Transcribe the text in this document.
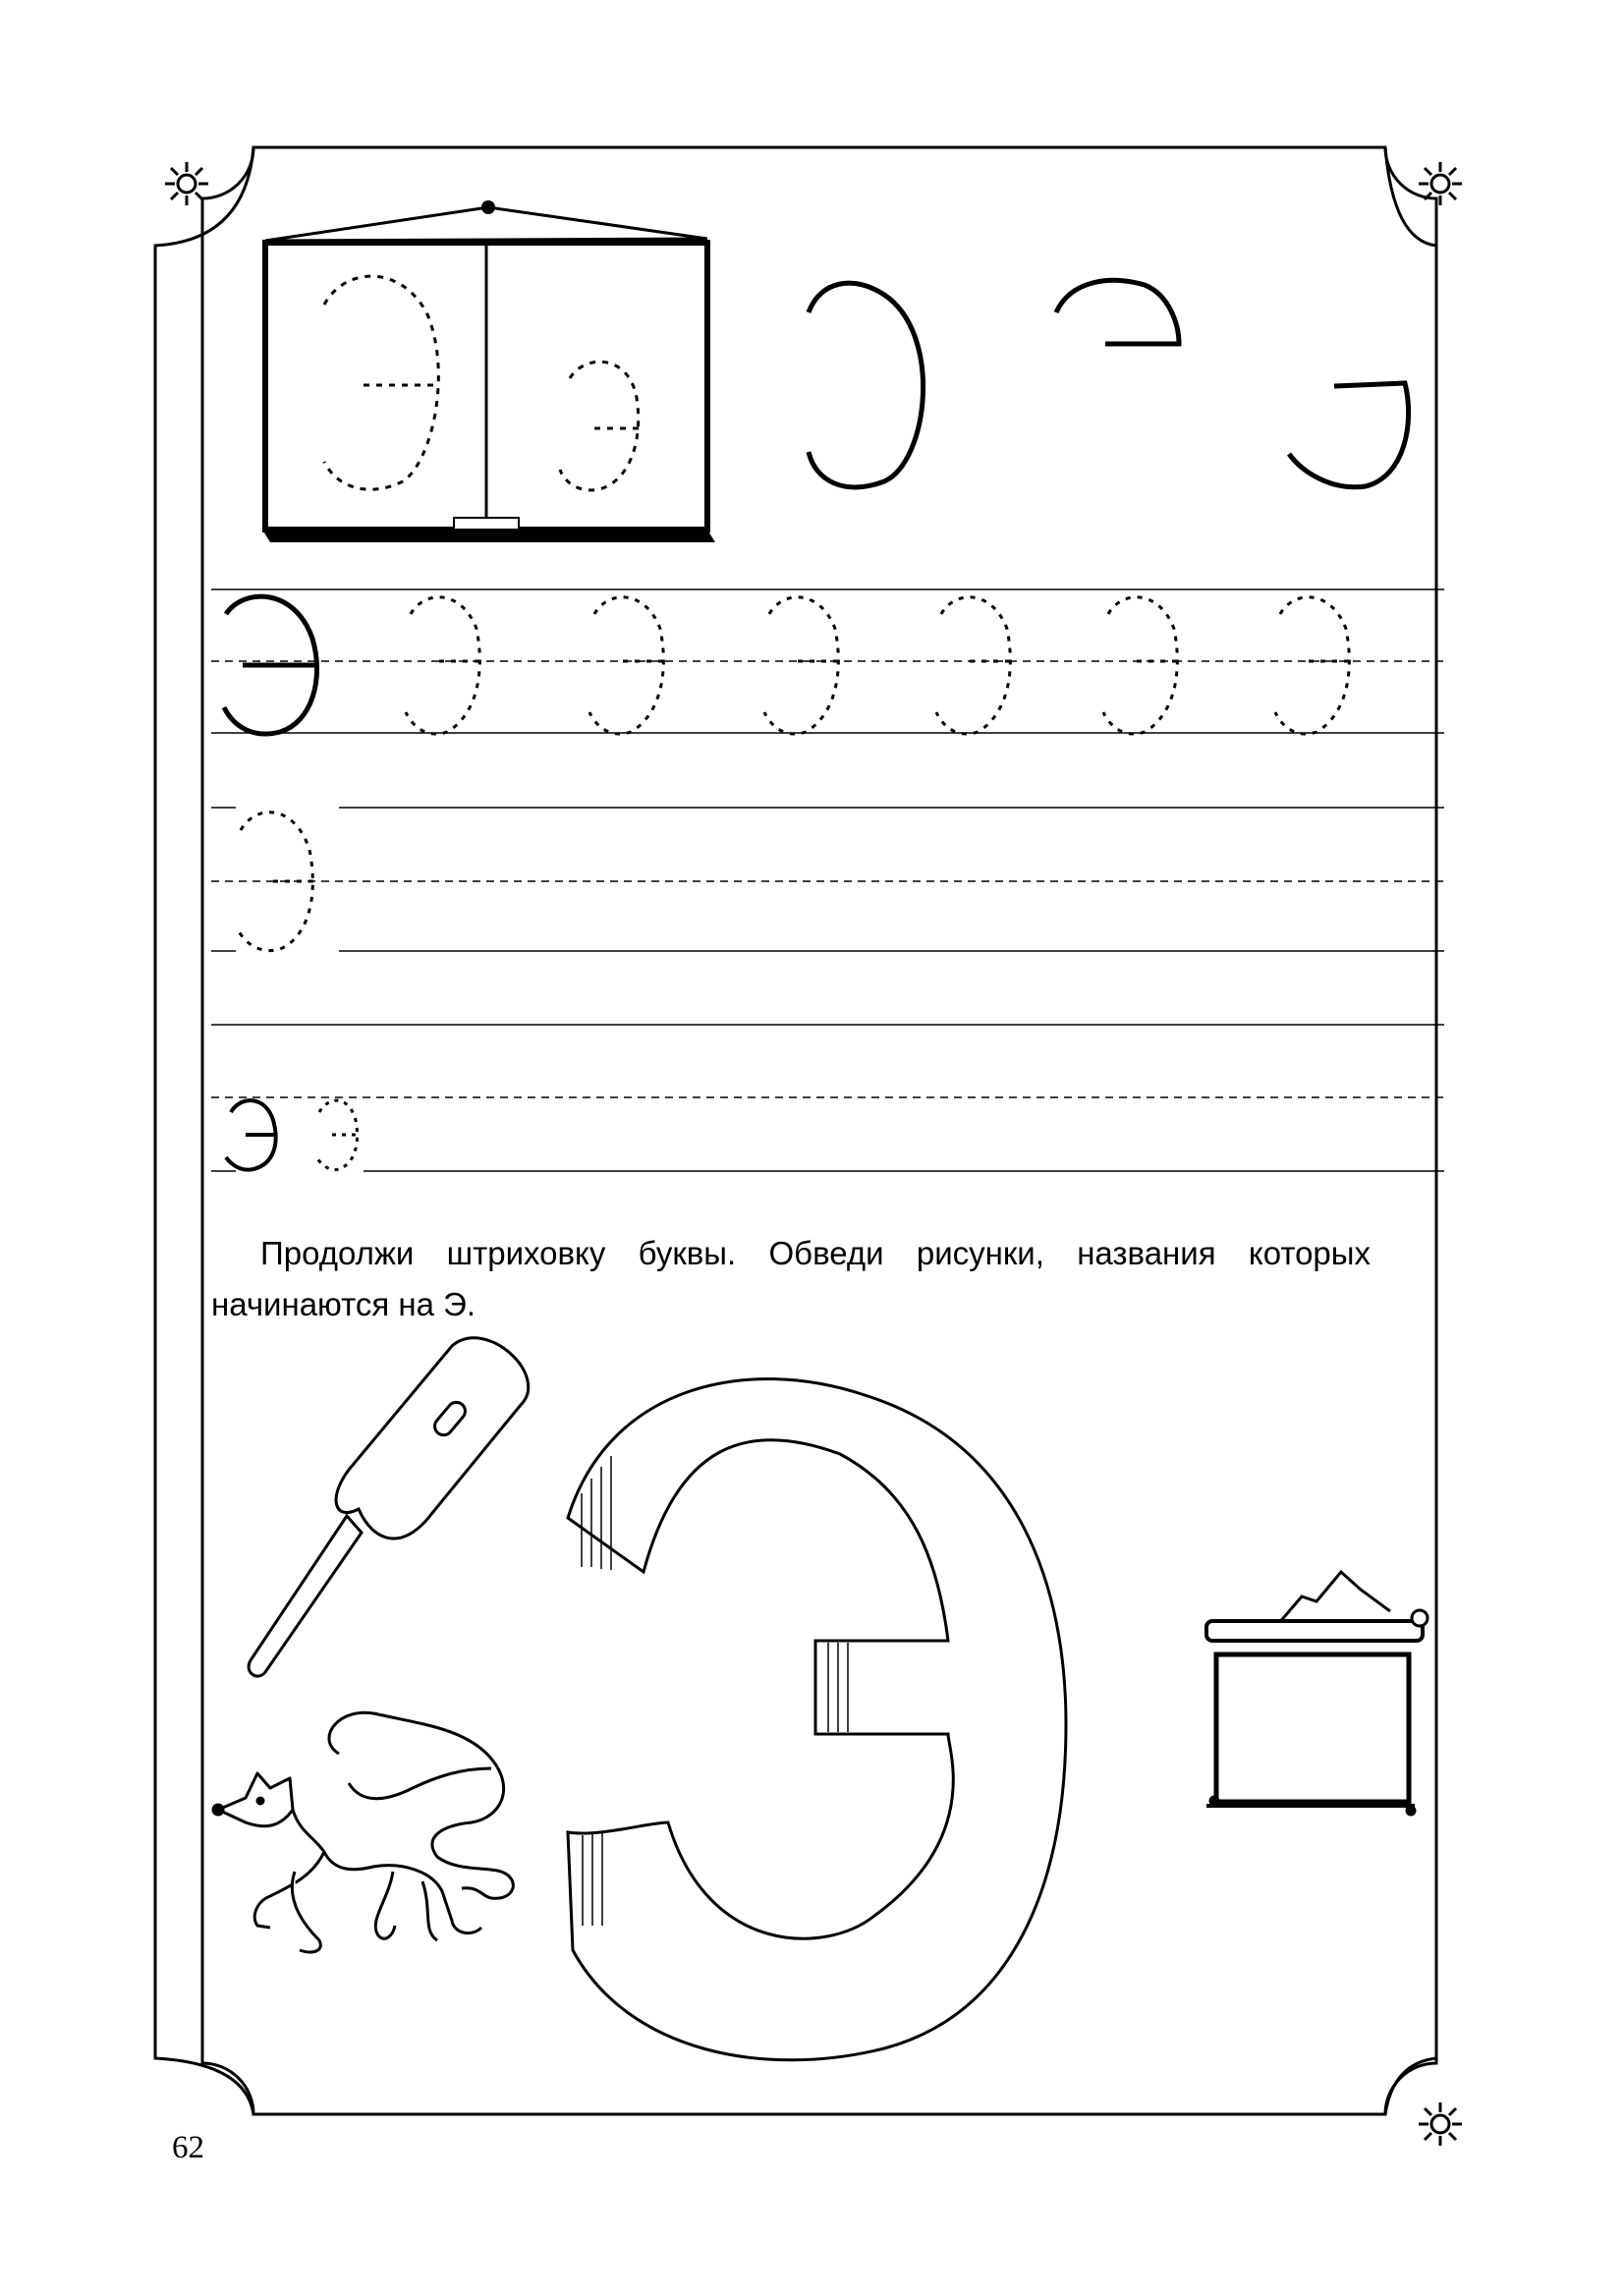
Продолжи штриховку буквы. Обведи рисунки, названия которых начинаются на Э.

62
